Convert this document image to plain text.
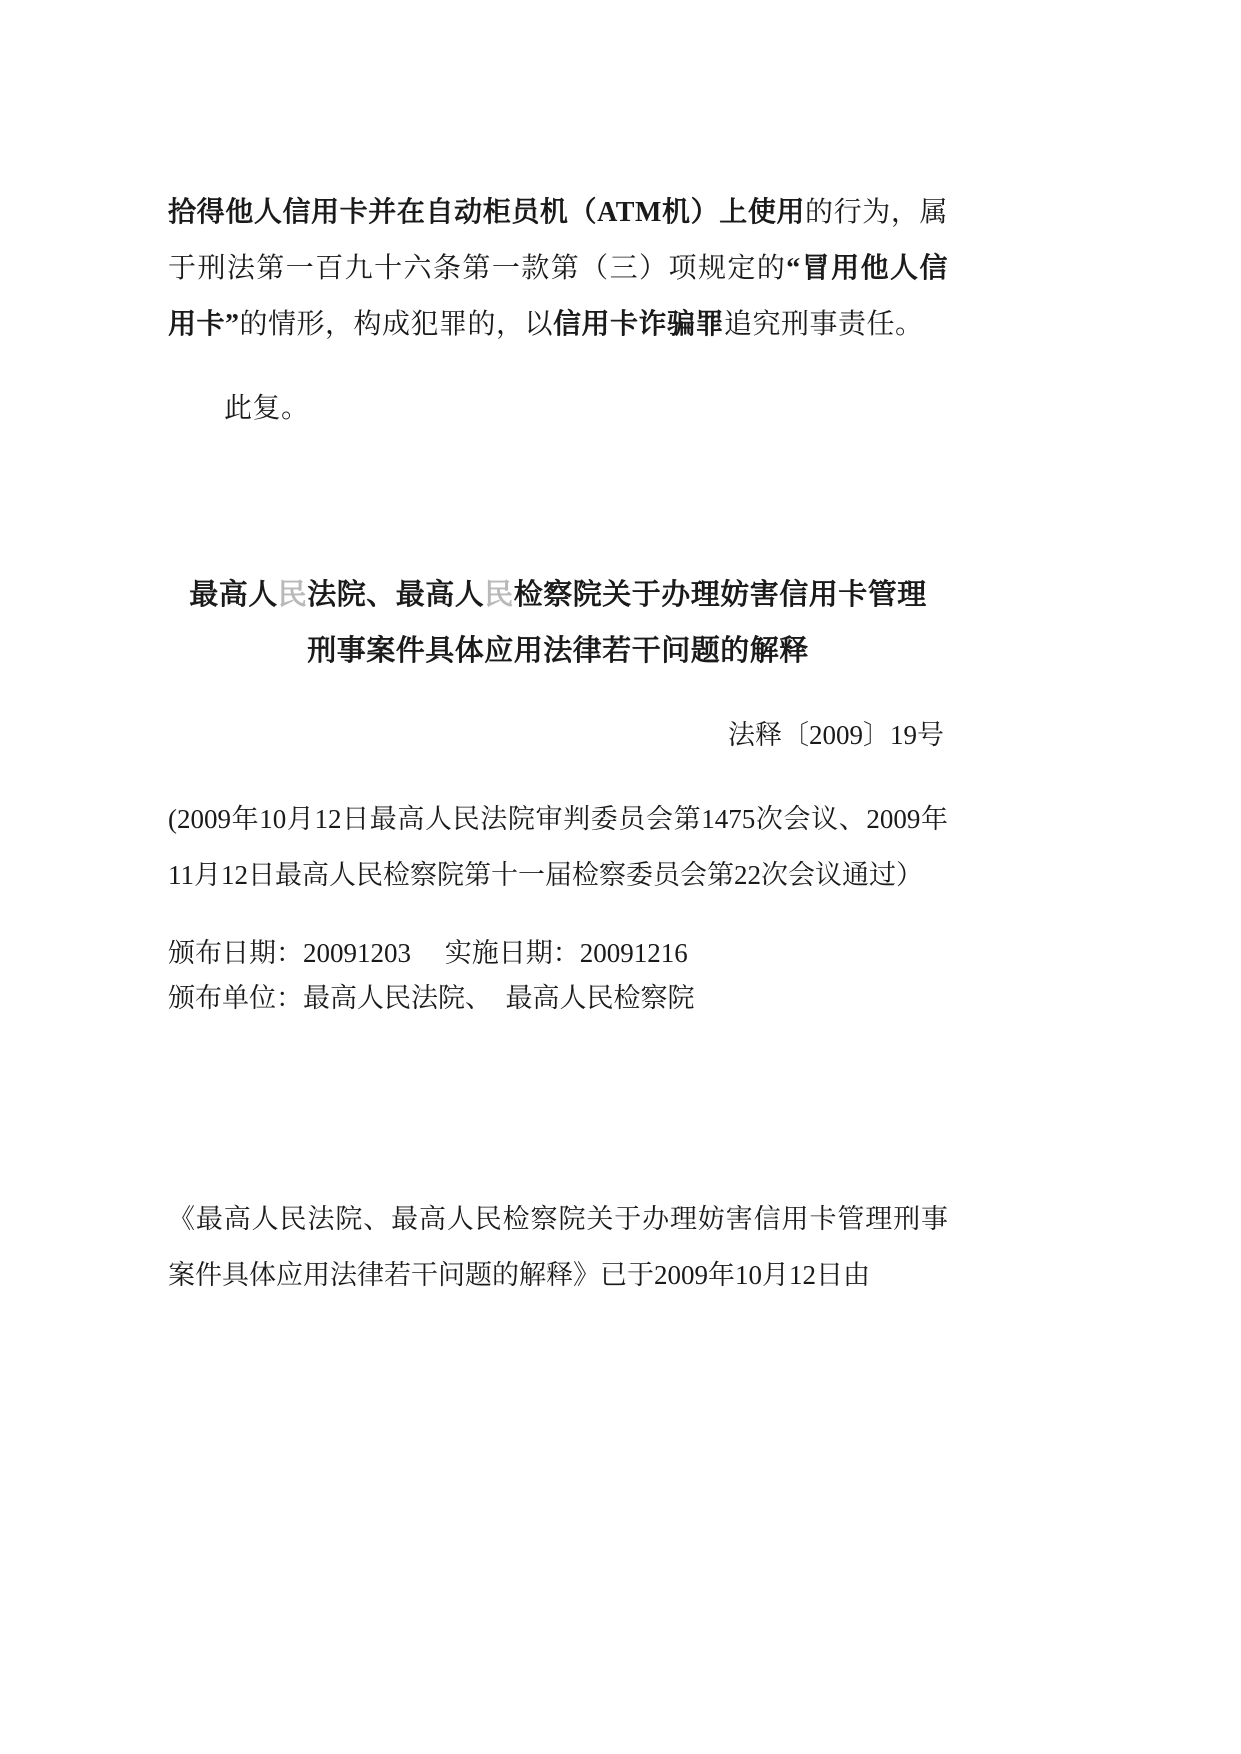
拾得他人信用卡并在自动柜员机（ATM机）上使用的行为，属于刑法第一百九十六条第一款第（三）项规定的“冒用他人信用卡”的情形，构成犯罪的，以信用卡诈骗罪追究刑事责任。

此复。

最高人民法院、最高人民检察院关于办理妨害信用卡管理
刑事案件具体应用法律若干问题的解释

法释〔2009〕19号

(2009年10月12日最高人民法院审判委员会第1475次会议、2009年11月12日最高人民检察院第十一届检察委员会第22次会议通过）

颁布日期：20091203　 实施日期：20091216

颁布单位：最高人民法院、　最高人民检察院

《最高人民法院、最高人民检察院关于办理妨害信用卡管理刑事案件具体应用法律若干问题的解释》已于2009年10月12日由
